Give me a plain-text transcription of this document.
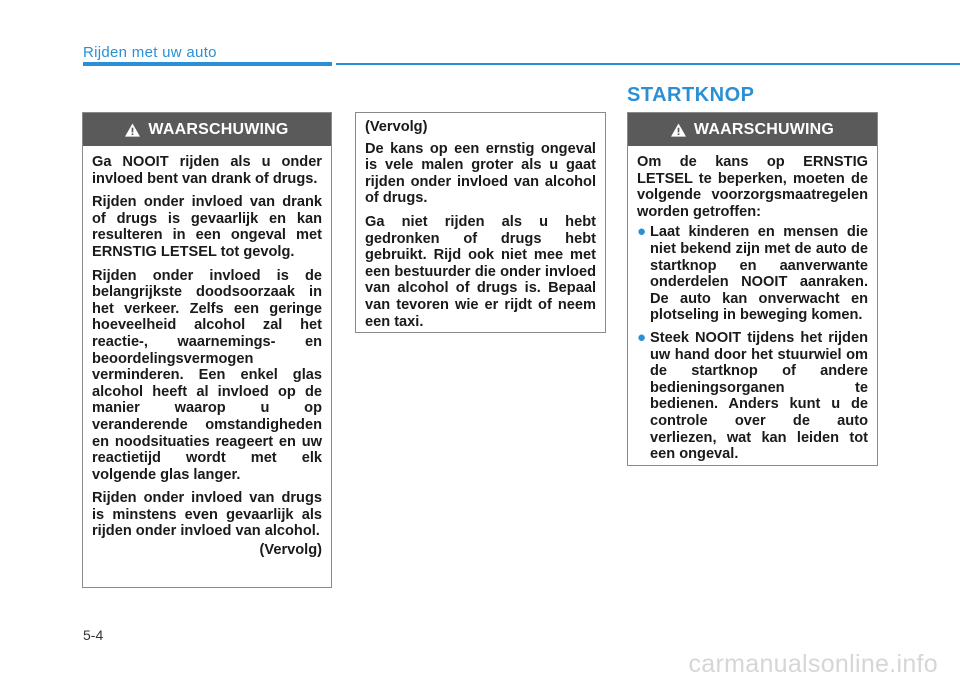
Rijden met uw auto
STARTKNOP
WAARSCHUWING

Ga NOOIT rijden als u onder invloed bent van drank of drugs.

Rijden onder invloed van drank of drugs is gevaarlijk en kan resulteren in een ongeval met ERNSTIG LETSEL tot gevolg.

Rijden onder invloed is de belangrijkste doodsoorzaak in het verkeer. Zelfs een geringe hoeveelheid alcohol zal het reactie-, waarnemings- en beoordelingsvermogen verminderen. Een enkel glas alcohol heeft al invloed op de manier waarop u op veranderende omstandigheden en noodsituaties reageert en uw reactietijd wordt met elk volgende glas langer.

Rijden onder invloed van drugs is minstens even gevaarlijk als rijden onder invloed van alcohol.

(Vervolg)

(Vervolg)

De kans op een ernstig ongeval is vele malen groter als u gaat rijden onder invloed van alcohol of drugs.

Ga niet rijden als u hebt gedronken of drugs hebt gebruikt. Rijd ook niet mee met een bestuurder die onder invloed van alcohol of drugs is. Bepaal van tevoren wie er rijdt of neem een taxi.

WAARSCHUWING

Om de kans op ERNSTIG LETSEL te beperken, moeten de volgende voorzorgsmaatregelen worden getroffen:

● Laat kinderen en mensen die niet bekend zijn met de auto de startknop en aanverwante onderdelen NOOIT aanraken. De auto kan onverwacht en plotseling in beweging komen.
● Steek NOOIT tijdens het rijden uw hand door het stuurwiel om de startknop of andere bedieningsorganen te bedienen. Anders kunt u de controle over de auto verliezen, wat kan leiden tot een ongeval.
5-4
carmanualsonline.info
